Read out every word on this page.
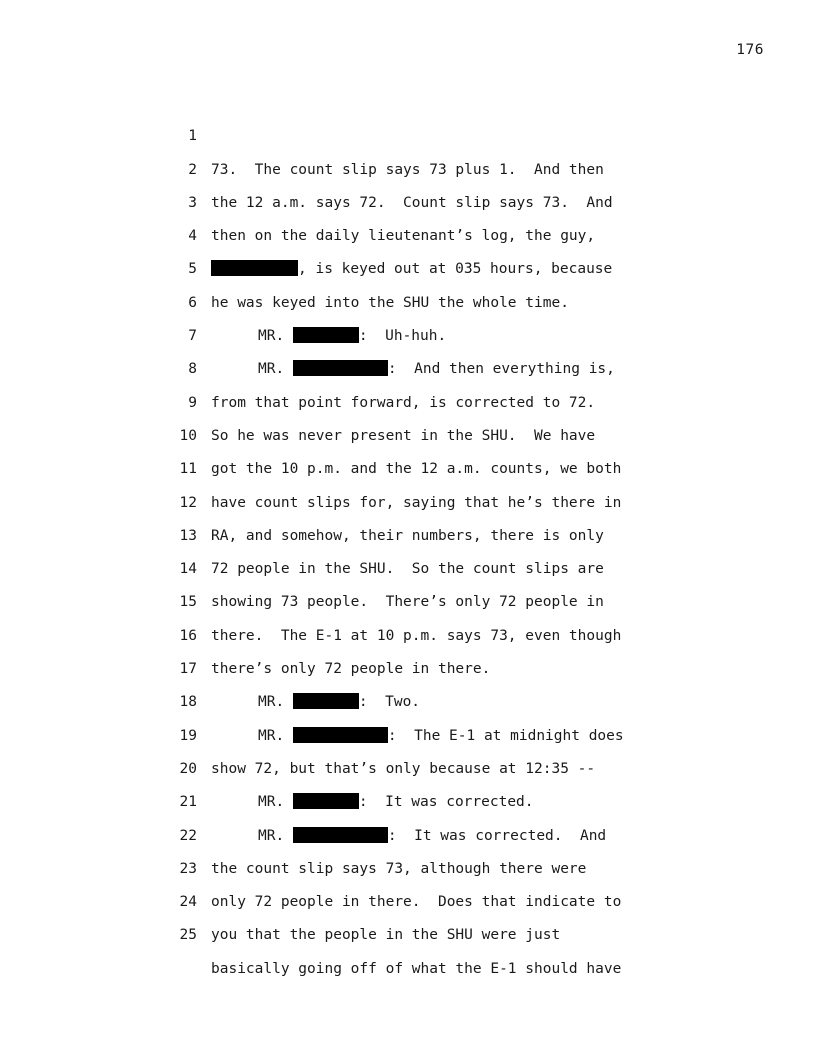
176

1

73.  The count slip says 73 plus 1.  And then

2

the 12 a.m. says 72.  Count slip says 73.  And

3

then on the daily lieutenant’s log, the guy,

4

, is keyed out at 035 hours, because

5

he was keyed into the SHU the whole time.

6

MR.	:  Uh-huh.

7

MR.	:  And then everything is,

8

from that point forward, is corrected to 72.

9

So he was never present in the SHU.  We have

10

got the 10 p.m. and the 12 a.m. counts, we both

11

have count slips for, saying that he’s there in

12

RA, and somehow, their numbers, there is only

13

72 people in the SHU.  So the count slips are

14

showing 73 people.  There’s only 72 people in

15

there.  The E-1 at 10 p.m. says 73, even though

16

there’s only 72 people in there.

17

MR.	:  Two.

18

MR.	:  The E-1 at midnight does

19

show 72, but that’s only because at 12:35 --

20

MR.	:  It was corrected.

21

MR.	:  It was corrected.  And

22

the count slip says 73, although there were

23

only 72 people in there.  Does that indicate to

24

you that the people in the SHU were just

25

basically going off of what the E-1 should have
